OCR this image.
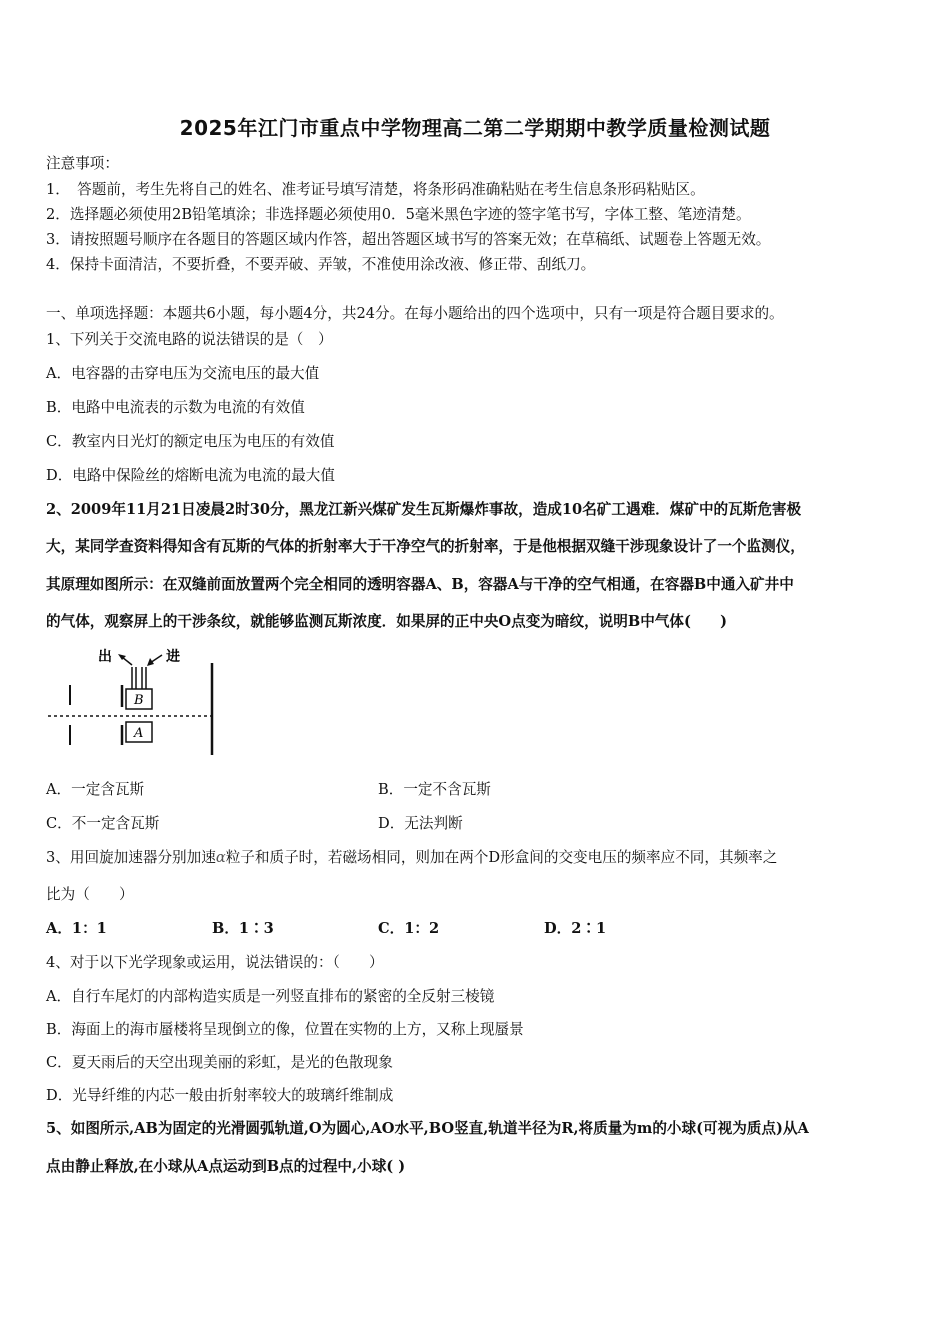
2025年江门市重点中学物理高二第二学期期中教学质量检测试题
注意事项：
1．　答题前，考生先将自己的姓名、准考证号填写清楚，将条形码准确粘贴在考生信息条形码粘贴区。
2．选择题必须使用2B铅笔填涂；非选择题必须使用0．5毫米黑色字迹的签字笔书写，字体工整、笔迹清楚。
3．请按照题号顺序在各题目的答题区域内作答，超出答题区域书写的答案无效；在草稿纸、试题卷上答题无效。
4．保持卡面清洁，不要折叠，不要弄破、弄皱，不准使用涂改液、修正带、刮纸刀。
一、单项选择题：本题共6小题，每小题4分，共24分。在每小题给出的四个选项中，只有一项是符合题目要求的。
1、下列关于交流电路的说法错误的是（　）
A．电容器的击穿电压为交流电压的最大值
B．电路中电流表的示数为电流的有效值
C．教室内日光灯的额定电压为电压的有效值
D．电路中保险丝的熔断电流为电流的最大值
2、2009年11月21日凌晨2时30分，黑龙江新兴煤矿发生瓦斯爆炸事故，造成10名矿工遇难．煤矿中的瓦斯危害极
大，某同学查资料得知含有瓦斯的气体的折射率大于干净空气的折射率，于是他根据双缝干涉现象设计了一个监测仪，
其原理如图所示：在双缝前面放置两个完全相同的透明容器A、B，容器A与干净的空气相通，在容器B中通入矿井中
的气体，观察屏上的干涉条纹，就能够监测瓦斯浓度．如果屏的正中央O点变为暗纹，说明B中气体(　　)
出	进
B
A
A．一定含瓦斯	B．一定不含瓦斯
C．不一定含瓦斯	D．无法判断
3、用回旋加速器分别加速α粒子和质子时，若磁场相同，则加在两个D形盒间的交变电压的频率应不同，其频率之
比为（　　）
A．1：1	B．1∶3	C．1：2	D．2∶1
4、对于以下光学现象或运用，说法错误的：（　　）
A．自行车尾灯的内部构造实质是一列竖直排布的紧密的全反射三棱镜
B．海面上的海市蜃楼将呈现倒立的像，位置在实物的上方，又称上现蜃景
C．夏天雨后的天空出现美丽的彩虹，是光的色散现象
D．光导纤维的内芯一般由折射率较大的玻璃纤维制成
5、如图所示,AB为固定的光滑圆弧轨道,O为圆心,AO水平,BO竖直,轨道半径为R,将质量为m的小球(可视为质点)从A
点由静止释放,在小球从A点运动到B点的过程中,小球( )
